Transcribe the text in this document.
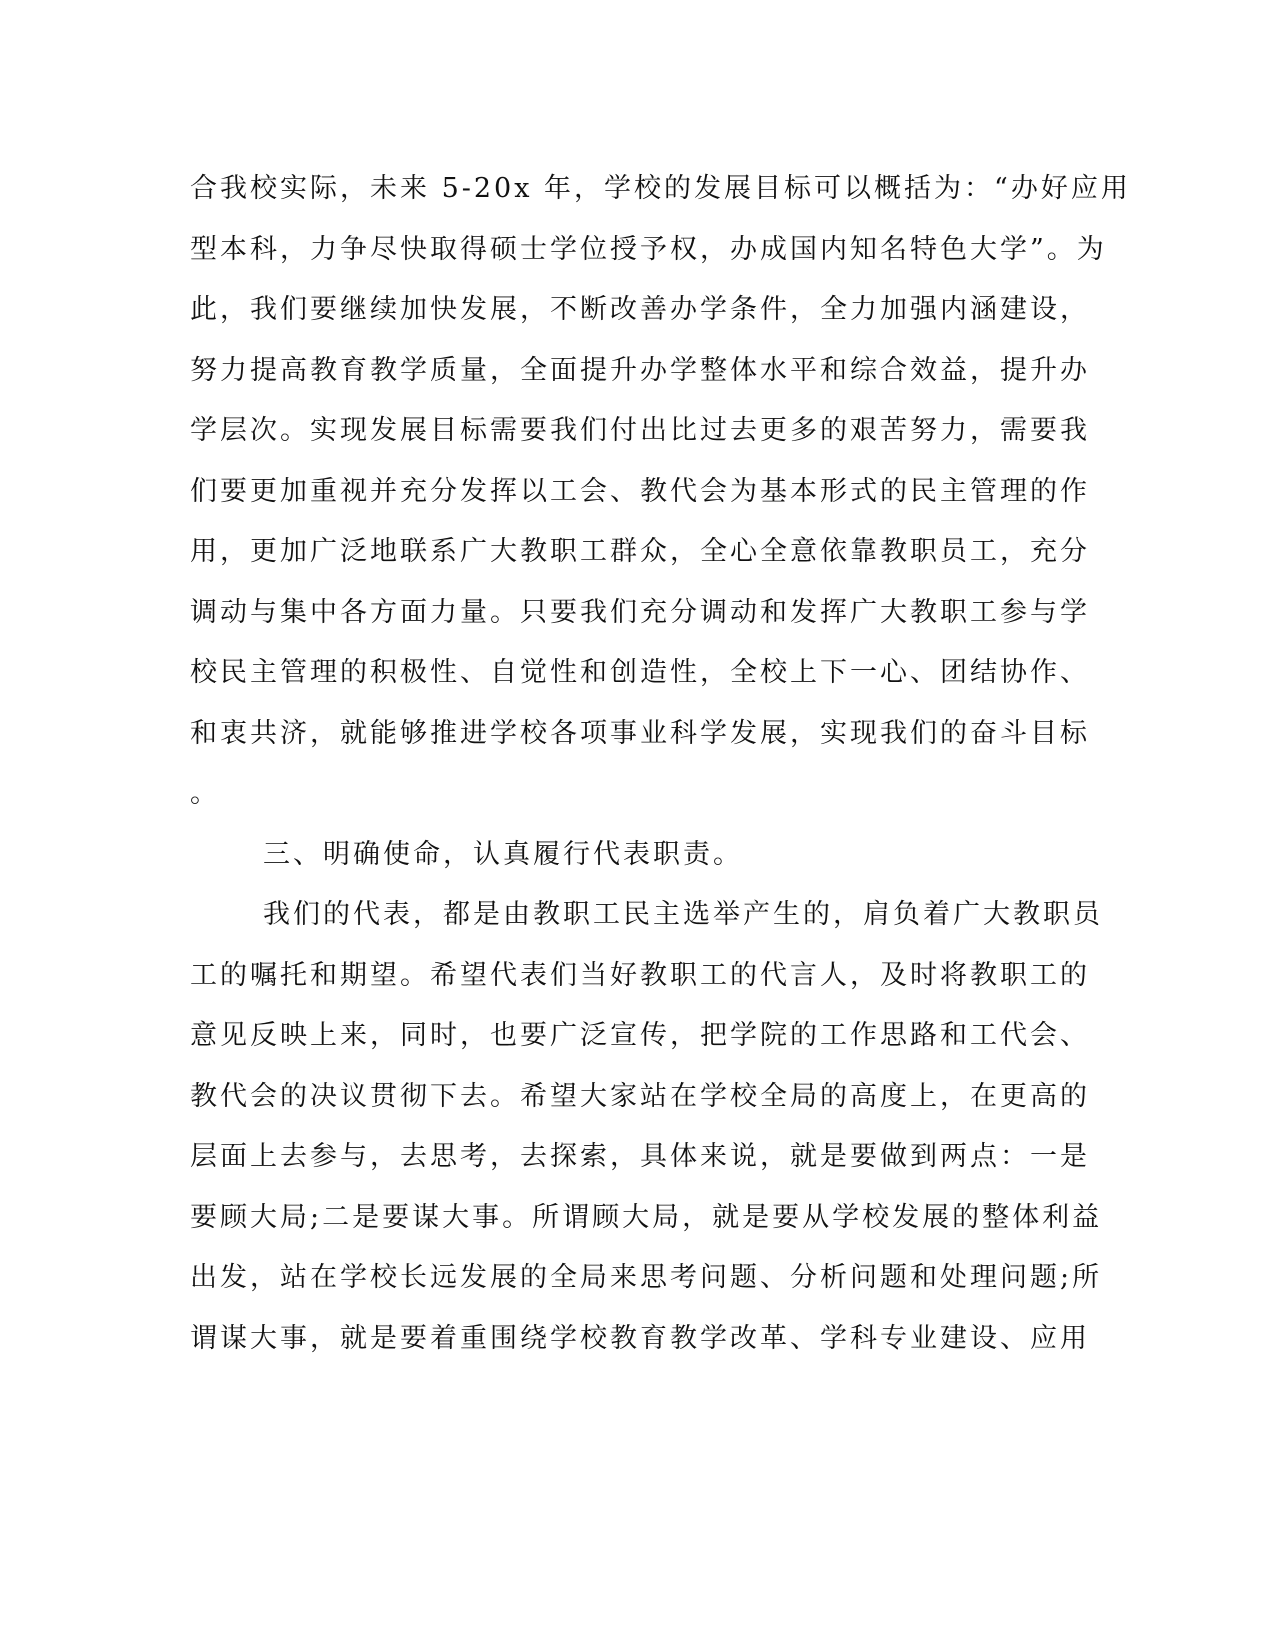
合我校实际，未来 5-20x 年，学校的发展目标可以概括为：“办好应用
型本科，力争尽快取得硕士学位授予权，办成国内知名特色大学”。为
此，我们要继续加快发展，不断改善办学条件，全力加强内涵建设，
努力提高教育教学质量，全面提升办学整体水平和综合效益，提升办
学层次。实现发展目标需要我们付出比过去更多的艰苦努力，需要我
们要更加重视并充分发挥以工会、教代会为基本形式的民主管理的作
用，更加广泛地联系广大教职工群众，全心全意依靠教职员工，充分
调动与集中各方面力量。只要我们充分调动和发挥广大教职工参与学
校民主管理的积极性、自觉性和创造性，全校上下一心、团结协作、
和衷共济，就能够推进学校各项事业科学发展，实现我们的奋斗目标
。
三、明确使命，认真履行代表职责。
我们的代表，都是由教职工民主选举产生的，肩负着广大教职员
工的嘱托和期望。希望代表们当好教职工的代言人，及时将教职工的
意见反映上来，同时，也要广泛宣传，把学院的工作思路和工代会、
教代会的决议贯彻下去。希望大家站在学校全局的高度上，在更高的
层面上去参与，去思考，去探索，具体来说，就是要做到两点：一是
要顾大局;二是要谋大事。所谓顾大局，就是要从学校发展的整体利益
出发，站在学校长远发展的全局来思考问题、分析问题和处理问题;所
谓谋大事，就是要着重围绕学校教育教学改革、学科专业建设、应用
